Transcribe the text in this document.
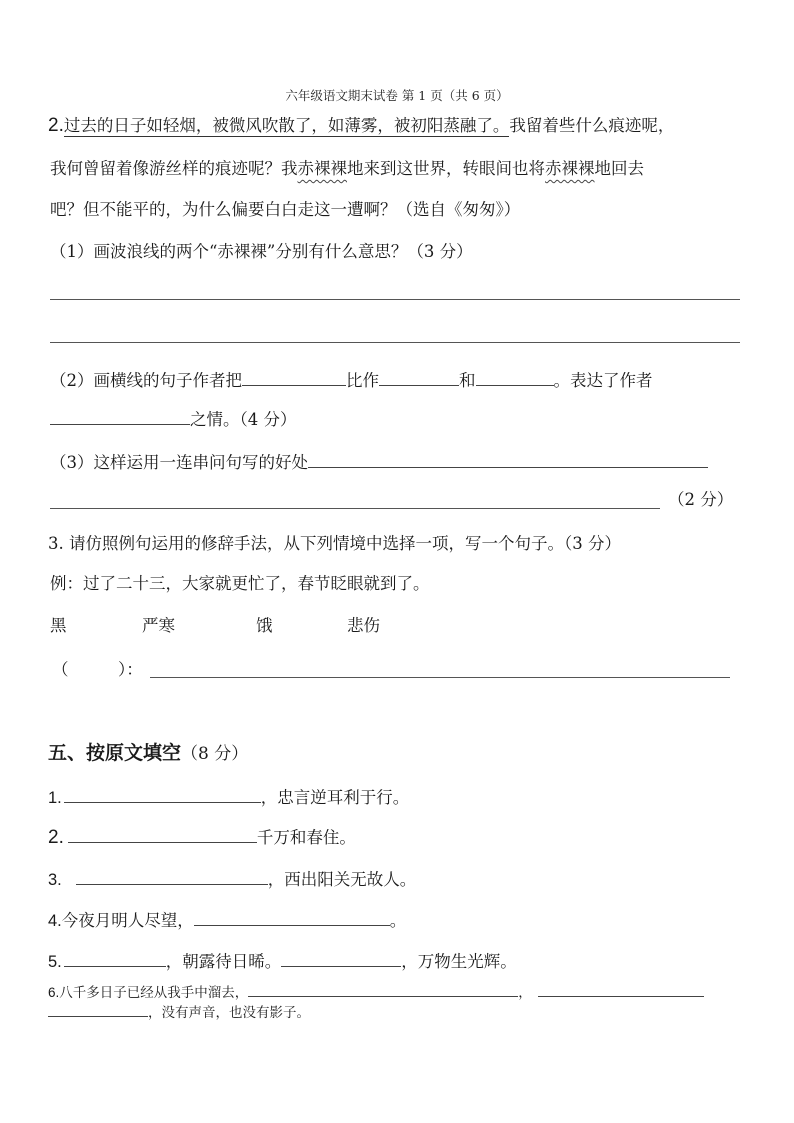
六年级语文期末试卷 第 1 页（共 6 页）
2.过去的日子如轻烟，被微风吹散了，如薄雾，被初阳蒸融了。我留着些什么痕迹呢，
我何曾留着像游丝样的痕迹呢？我赤裸裸地来到这世界，转眼间也将赤裸裸地回去
吧？但不能平的，为什么偏要白白走这一遭啊？（选自《匆匆》）
（1）画波浪线的两个“赤裸裸”分别有什么意思？（3 分）
（2）画横线的句子作者把	比作	和	。表达了作者
之情。（4 分）
（3）这样运用一连串问句写的好处
（2 分）
3. 请仿照例句运用的修辞手法，从下列情境中选择一项，写一个句子。（3 分）
例：过了二十三，大家就更忙了，春节眨眼就到了。
黑	严寒	饿	悲伤
（　　　）：
五、按原文填空（8 分）
1.	，忠言逆耳利于行。
2.	千万和春住。
3.	，西出阳关无故人。
4.今夜月明人尽望，	。
5.	，朝露待日晞。	，万物生光辉。
6.八千多日子已经从我手中溜去，	，
，没有声音，也没有影子。
